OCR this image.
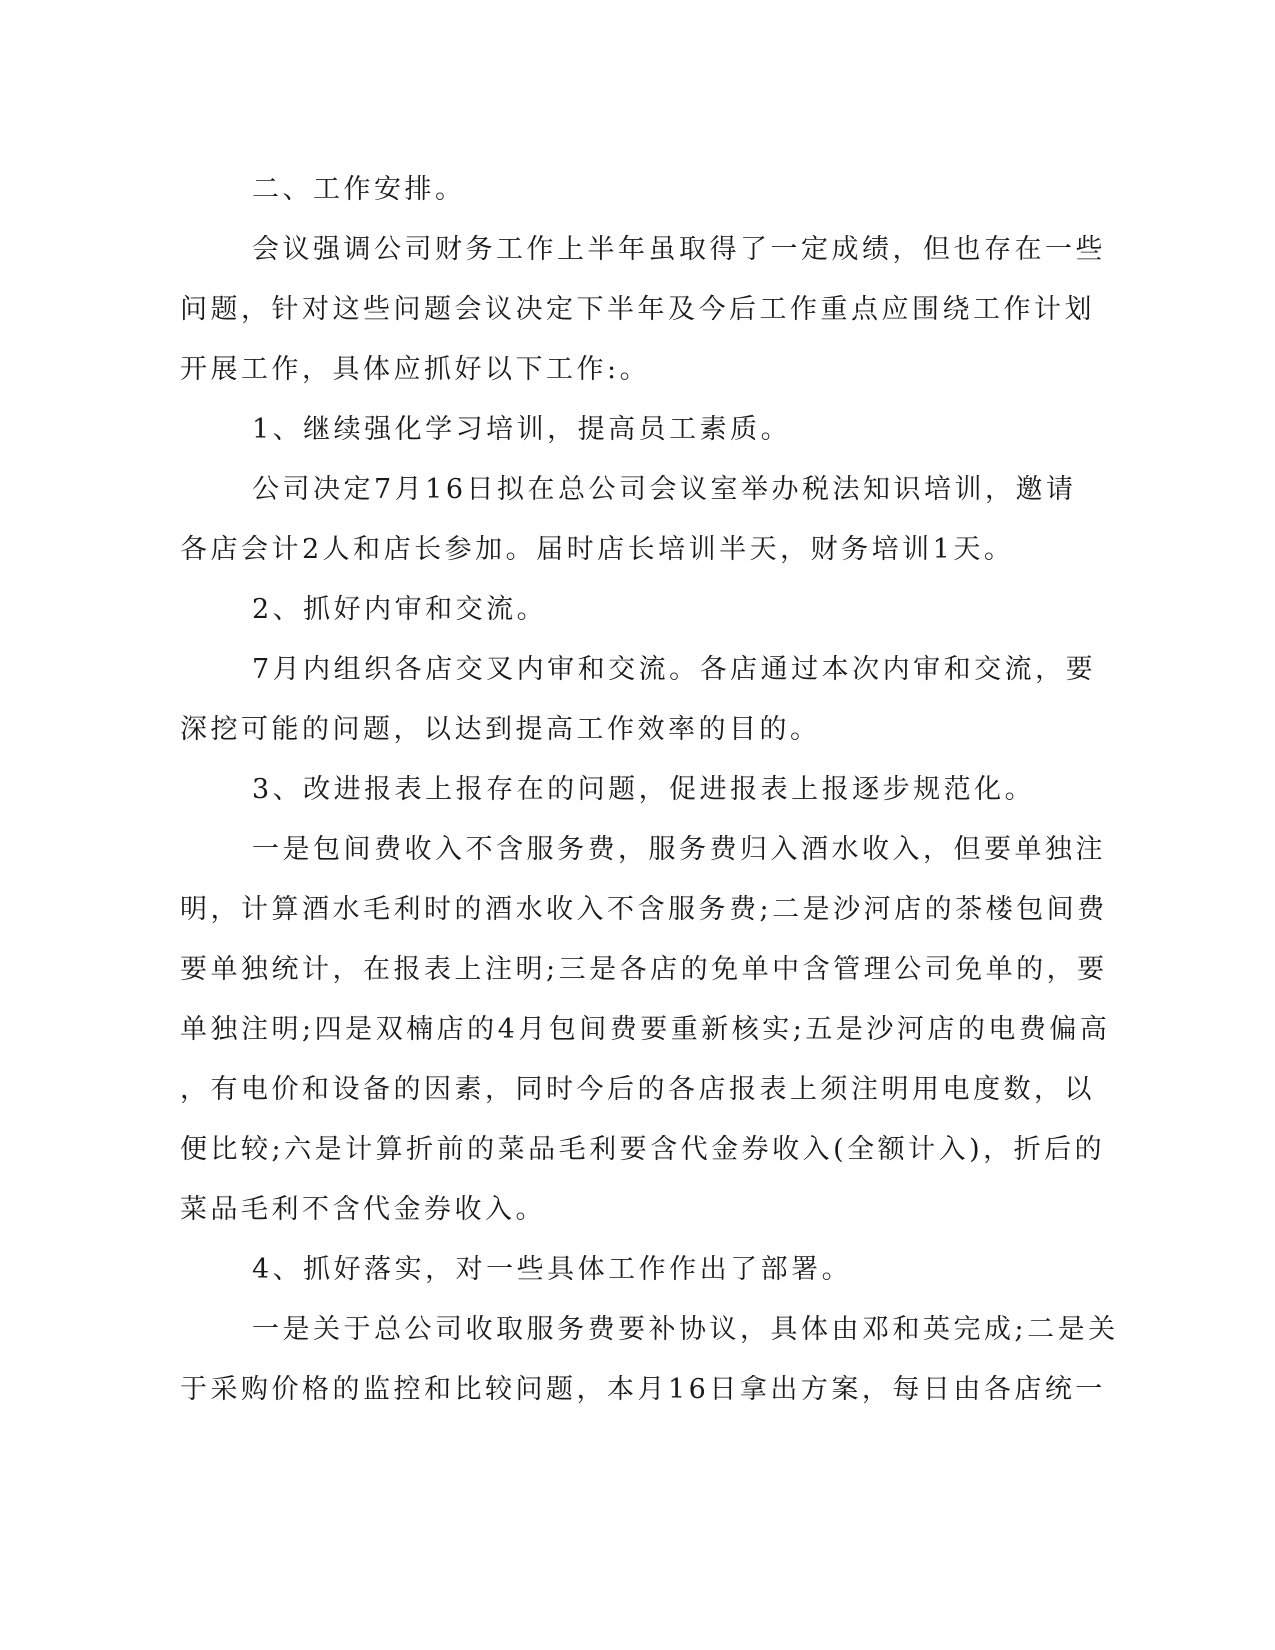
二、工作安排。
会议强调公司财务工作上半年虽取得了一定成绩，但也存在一些
问题，针对这些问题会议决定下半年及今后工作重点应围绕工作计划
开展工作，具体应抓好以下工作:。
1、继续强化学习培训，提高员工素质。
公司决定7月16日拟在总公司会议室举办税法知识培训，邀请
各店会计2人和店长参加。届时店长培训半天，财务培训1天。
2、抓好内审和交流。
7月内组织各店交叉内审和交流。各店通过本次内审和交流，要
深挖可能的问题，以达到提高工作效率的目的。
3、改进报表上报存在的问题，促进报表上报逐步规范化。
一是包间费收入不含服务费，服务费归入酒水收入，但要单独注
明，计算酒水毛利时的酒水收入不含服务费;二是沙河店的茶楼包间费
要单独统计，在报表上注明;三是各店的免单中含管理公司免单的，要
单独注明;四是双楠店的4月包间费要重新核实;五是沙河店的电费偏高
，有电价和设备的因素，同时今后的各店报表上须注明用电度数，以
便比较;六是计算折前的菜品毛利要含代金券收入(全额计入)，折后的
菜品毛利不含代金券收入。
4、抓好落实，对一些具体工作作出了部署。
一是关于总公司收取服务费要补协议，具体由邓和英完成;二是关
于采购价格的监控和比较问题，本月16日拿出方案，每日由各店统一
